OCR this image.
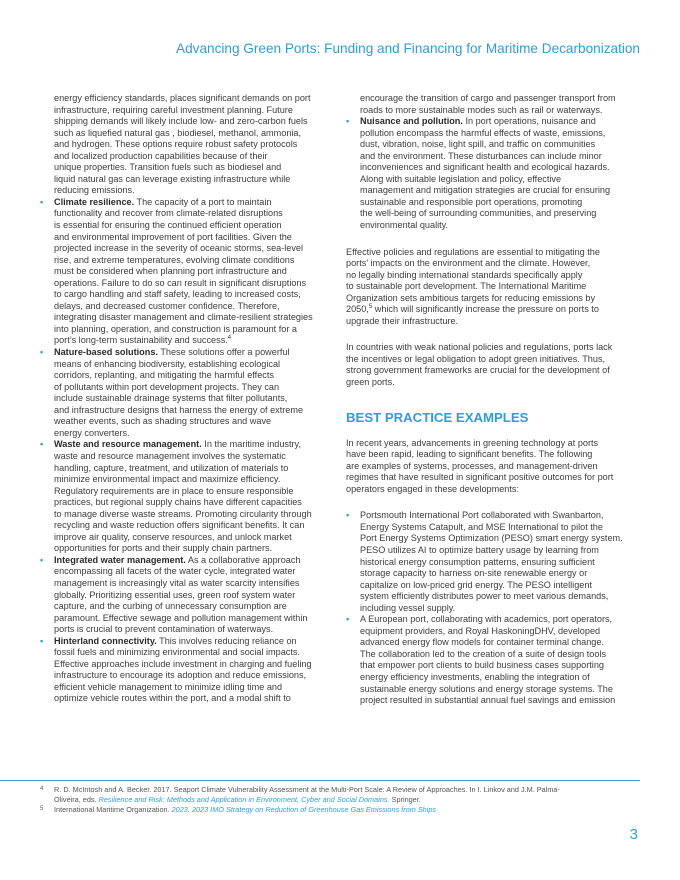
Advancing Green Ports: Funding and Financing for Maritime Decarbonization
energy efficiency standards, places significant demands on port
infrastructure, requiring careful investment planning. Future
shipping demands will likely include low- and zero-carbon fuels
such as liquefied natural gas , biodiesel, methanol, ammonia,
and hydrogen. These options require robust safety protocols
and localized production capabilities because of their
unique properties. Transition fuels such as biodiesel and
liquid natural gas can leverage existing infrastructure while
reducing emissions.
• Climate resilience. The capacity of a port to maintain
functionality and recover from climate-related disruptions
is essential for ensuring the continued efficient operation
and environmental improvement of port facilities. Given the
projected increase in the severity of oceanic storms, sea-level
rise, and extreme temperatures, evolving climate conditions
must be considered when planning port infrastructure and
operations. Failure to do so can result in significant disruptions
to cargo handling and staff safety, leading to increased costs,
delays, and decreased customer confidence. Therefore,
integrating disaster management and climate-resilient strategies
into planning, operation, and construction is paramount for a
port’s long-term sustainability and success.$^4$
• Nature-based solutions. These solutions offer a powerful
means of enhancing biodiversity, establishing ecological
corridors, replanting, and mitigating the harmful effects
of pollutants within port development projects. They can
include sustainable drainage systems that filter pollutants,
and infrastructure designs that harness the energy of extreme
weather events, such as shading structures and wave
energy converters.
• Waste and resource management. In the maritime industry,
waste and resource management involves the systematic
handling, capture, treatment, and utilization of materials to
minimize environmental impact and maximize efficiency.
Regulatory requirements are in place to ensure responsible
practices, but regional supply chains have different capacities
to manage diverse waste streams. Promoting circularity through
recycling and waste reduction offers significant benefits. It can
improve air quality, conserve resources, and unlock market
opportunities for ports and their supply chain partners.
• Integrated water management. As a collaborative approach
encompassing all facets of the water cycle, integrated water
management is increasingly vital as water scarcity intensifies
globally. Prioritizing essential uses, green roof system water
capture, and the curbing of unnecessary consumption are
paramount. Effective sewage and pollution management within
ports is crucial to prevent contamination of waterways.
• Hinterland connectivity. This involves reducing reliance on
fossil fuels and minimizing environmental and social impacts.
Effective approaches include investment in charging and fueling
infrastructure to encourage its adoption and reduce emissions,
efficient vehicle management to minimize idling time and
optimize vehicle routes within the port, and a modal shift to
encourage the transition of cargo and passenger transport from
roads to more sustainable modes such as rail or waterways.
• Nuisance and pollution. In port operations, nuisance and
pollution encompass the harmful effects of waste, emissions,
dust, vibration, noise, light spill, and traffic on communities
and the environment. These disturbances can include minor
inconveniences and significant health and ecological hazards.
Along with suitable legislation and policy, effective
management and mitigation strategies are crucial for ensuring
sustainable and responsible port operations, promoting
the well-being of surrounding communities, and preserving
environmental quality.
Effective policies and regulations are essential to mitigating the
ports’ impacts on the environment and the climate. However,
no legally binding international standards specifically apply
to sustainable port development. The International Maritime
Organization sets ambitious targets for reducing emissions by
2050,$^5$ which will significantly increase the pressure on ports to
upgrade their infrastructure.
In countries with weak national policies and regulations, ports lack
the incentives or legal obligation to adopt green initiatives. Thus,
strong government frameworks are crucial for the development of
green ports.
BEST PRACTICE EXAMPLES
In recent years, advancements in greening technology at ports
have been rapid, leading to significant benefits. The following
are examples of systems, processes, and management-driven
regimes that have resulted in significant positive outcomes for port
operators engaged in these developments:
• Portsmouth International Port collaborated with Swanbarton,
Energy Systems Catapult, and MSE International to pilot the
Port Energy Systems Optimization (PESO) smart energy system.
PESO utilizes AI to optimize battery usage by learning from
historical energy consumption patterns, ensuring sufficient
storage capacity to harness on-site renewable energy or
capitalize on low-priced grid energy. The PESO intelligent
system efficiently distributes power to meet various demands,
including vessel supply.
• A European port, collaborating with academics, port operators,
equipment providers, and Royal HaskoningDHV, developed
advanced energy flow models for container terminal change.
The collaboration led to the creation of a suite of design tools
that empower port clients to build business cases supporting
energy efficiency investments, enabling the integration of
sustainable energy solutions and energy storage systems. The
project resulted in substantial annual fuel savings and emission
4 R. D. McIntosh and A. Becker. 2017. Seaport Climate Vulnerability Assessment at the Multi-Port Scale: A Review of Approaches. In I. Linkov and J.M. Palma-
Oliveira, eds. Resilience and Risk: Methods and Application in Environment, Cyber and Social Domains. Springer.
5 International Maritime Organization. 2023. 2023 IMO Strategy on Reduction of Greenhouse Gas Emissions from Ships
3
